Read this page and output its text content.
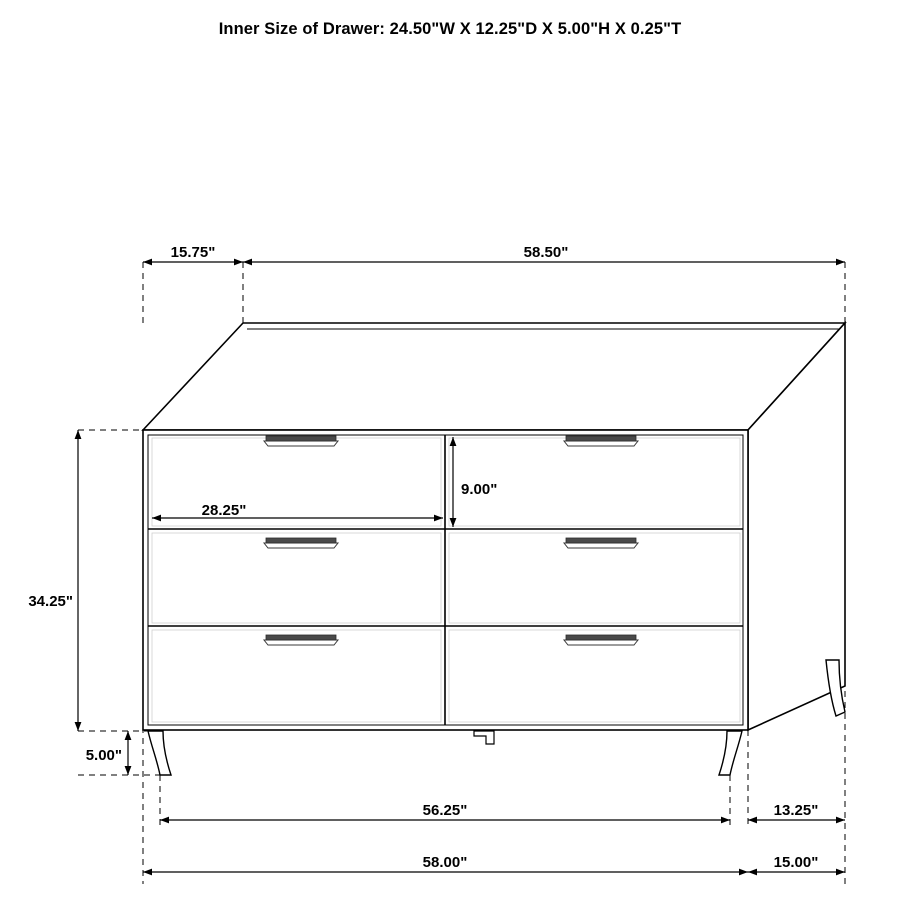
Inner Size of Drawer: 24.50"W X 12.25"D X 5.00"H X 0.25"T
15.75"	58.50"
28.25"
9.00"
34.25"
5.00"
56.25"	13.25"
58.00"	15.00"
